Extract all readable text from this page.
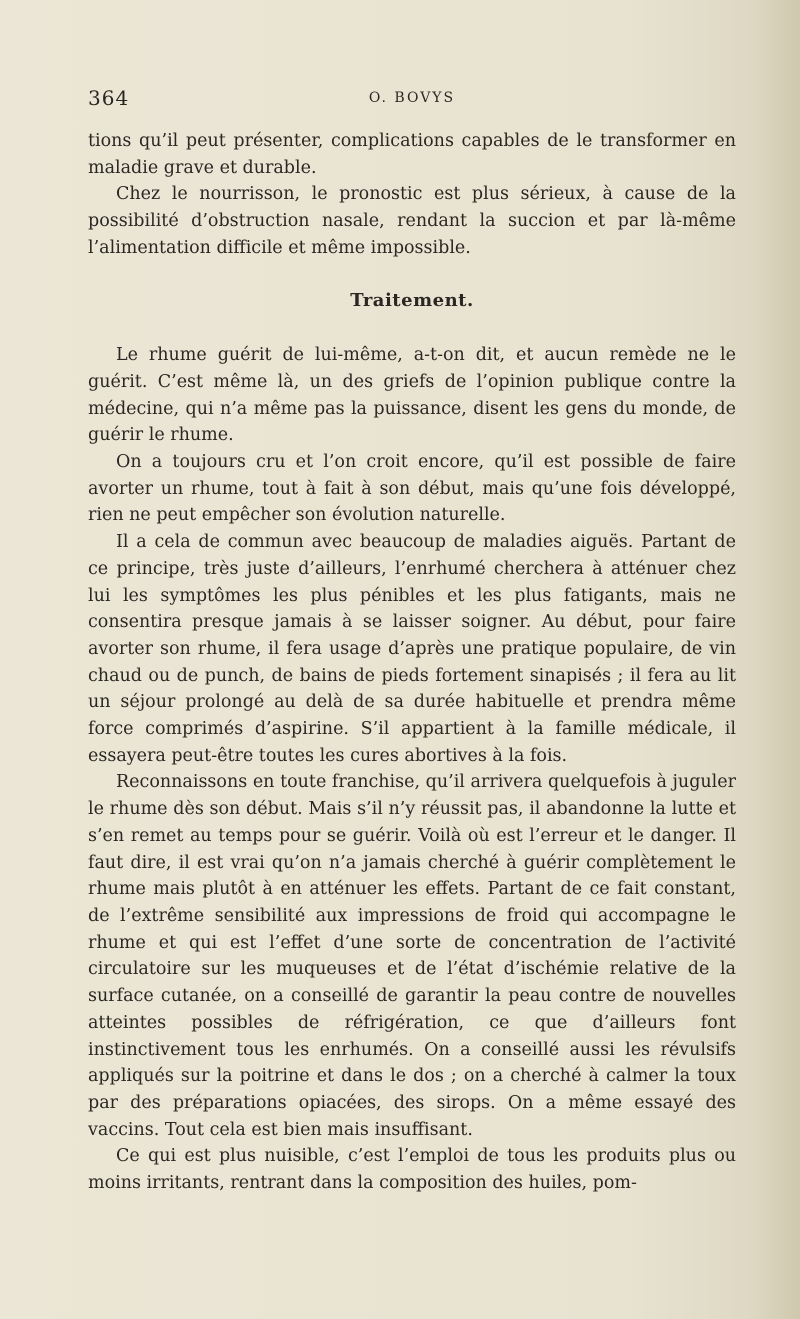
364	O. BOVYS

tions qu’il peut présenter, complications capables de le transformer en maladie grave et durable.

Chez le nourrisson, le pronostic est plus sérieux, à cause de la possibilité d’obstruction nasale, rendant la succion et par là-même l’alimentation difficile et même impossible.

Traitement.

Le rhume guérit de lui-même, a-t-on dit, et aucun remède ne le guérit. C’est même là, un des griefs de l’opinion publique contre la médecine, qui n’a même pas la puissance, disent les gens du monde, de guérir le rhume.

On a toujours cru et l’on croit encore, qu’il est possible de faire avorter un rhume, tout à fait à son début, mais qu’une fois développé, rien ne peut empêcher son évolution naturelle.

Il a cela de commun avec beaucoup de maladies aiguës. Partant de ce principe, très juste d’ailleurs, l’enrhumé cherchera à atténuer chez lui les symptômes les plus pénibles et les plus fatigants, mais ne consentira presque jamais à se laisser soigner. Au début, pour faire avorter son rhume, il fera usage d’après une pratique populaire, de vin chaud ou de punch, de bains de pieds fortement sinapisés ; il fera au lit un séjour prolongé au delà de sa durée habituelle et prendra même force comprimés d’aspirine. S’il appartient à la famille médicale, il essayera peut-être toutes les cures abortives à la fois.

Reconnaissons en toute franchise, qu’il arrivera quelquefois à juguler le rhume dès son début. Mais s’il n’y réussit pas, il abandonne la lutte et s’en remet au temps pour se guérir. Voilà où est l’erreur et le danger. Il faut dire, il est vrai qu’on n’a jamais cherché à guérir complètement le rhume mais plutôt à en atténuer les effets. Partant de ce fait constant, de l’extrême sensibilité aux impressions de froid qui accompagne le rhume et qui est l’effet d’une sorte de concentration de l’activité circulatoire sur les muqueuses et de l’état d’ischémie relative de la surface cutanée, on a conseillé de garantir la peau contre de nouvelles atteintes possibles de réfrigération, ce que d’ailleurs font instinctivement tous les enrhumés. On a conseillé aussi les révulsifs appliqués sur la poitrine et dans le dos ; on a cherché à calmer la toux par des préparations opiacées, des sirops. On a même essayé des vaccins. Tout cela est bien mais insuffisant.

Ce qui est plus nuisible, c’est l’emploi de tous les produits plus ou moins irritants, rentrant dans la composition des huiles, pom-
